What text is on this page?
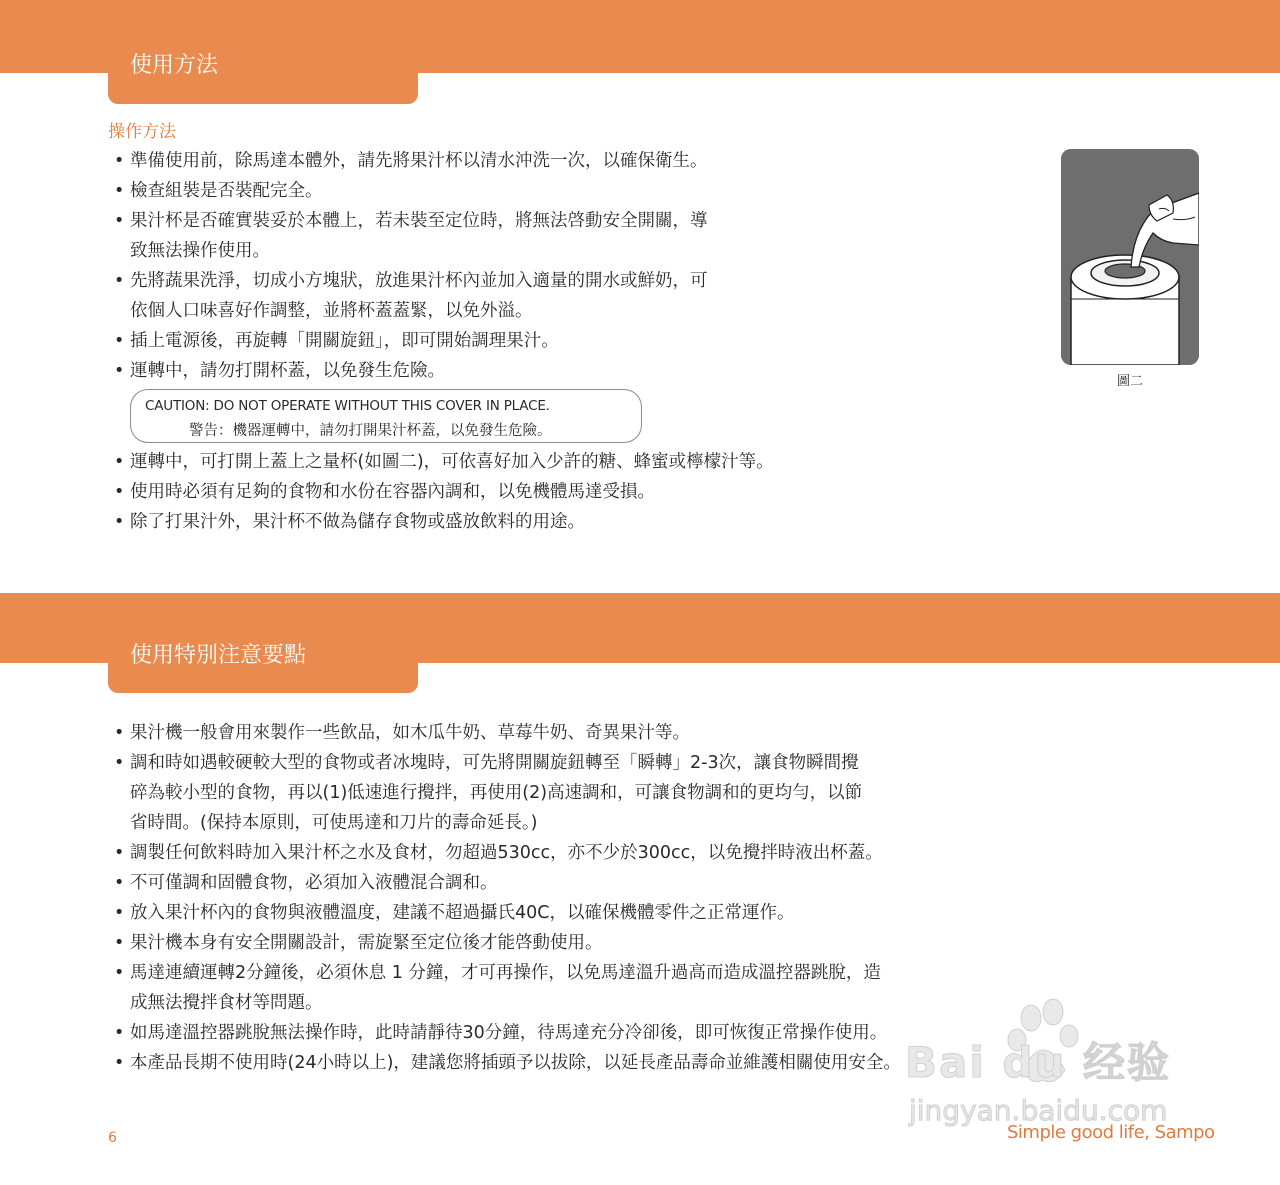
使用方法
操作方法
• 準備使用前，除馬達本體外，請先將果汁杯以清水沖洗一次，以確保衛生。
• 檢查組裝是否裝配完全。
• 果汁杯是否確實裝妥於本體上，若未裝至定位時，將無法啓動安全開關，導
致無法操作使用。
• 先將蔬果洗淨，切成小方塊狀，放進果汁杯內並加入適量的開水或鮮奶，可
依個人口味喜好作調整，並將杯蓋蓋緊，以免外溢。
• 插上電源後，再旋轉「開關旋鈕」，即可開始調理果汁。
• 運轉中，請勿打開杯蓋，以免發生危險。
CAUTION: DO NOT OPERATE WITHOUT THIS COVER IN PLACE.
警告：機器運轉中，請勿打開果汁杯蓋，以免發生危險。
• 運轉中，可打開上蓋上之量杯(如圖二)，可依喜好加入少許的糖、蜂蜜或檸檬汁等。
• 使用時必須有足夠的食物和水份在容器內調和，以免機體馬達受損。
• 除了打果汁外，果汁杯不做為儲存食物或盛放飲料的用途。
圖二
使用特別注意要點
• 果汁機一般會用來製作一些飲品，如木瓜牛奶、草莓牛奶、奇異果汁等。
• 調和時如遇較硬較大型的食物或者冰塊時，可先將開關旋鈕轉至「瞬轉」2-3次，讓食物瞬間攪
碎為較小型的食物，再以(1)低速進行攪拌，再使用(2)高速調和，可讓食物調和的更均勻，以節
省時間。(保持本原則，可使馬達和刀片的壽命延長。)
• 調製任何飲料時加入果汁杯之水及食材，勿超過530cc，亦不少於300cc，以免攪拌時液出杯蓋。
• 不可僅調和固體食物，必須加入液體混合調和。
• 放入果汁杯內的食物與液體溫度，建議不超過攝氏40C，以確保機體零件之正常運作。
• 果汁機本身有安全開關設計，需旋緊至定位後才能啓動使用。
• 馬達連續運轉2分鐘後，必須休息 1 分鐘，才可再操作，以免馬達溫升過高而造成溫控器跳脫，造
成無法攪拌食材等問題。
• 如馬達溫控器跳脫無法操作時，此時請靜待30分鐘，待馬達充分冷卻後，即可恢復正常操作使用。
• 本產品長期不使用時(24小時以上)，建議您將插頭予以拔除，以延長產品壽命並維護相關使用安全。 Bai du 经验
jingyan.baidu.com
6	Simple good life, Sampo
